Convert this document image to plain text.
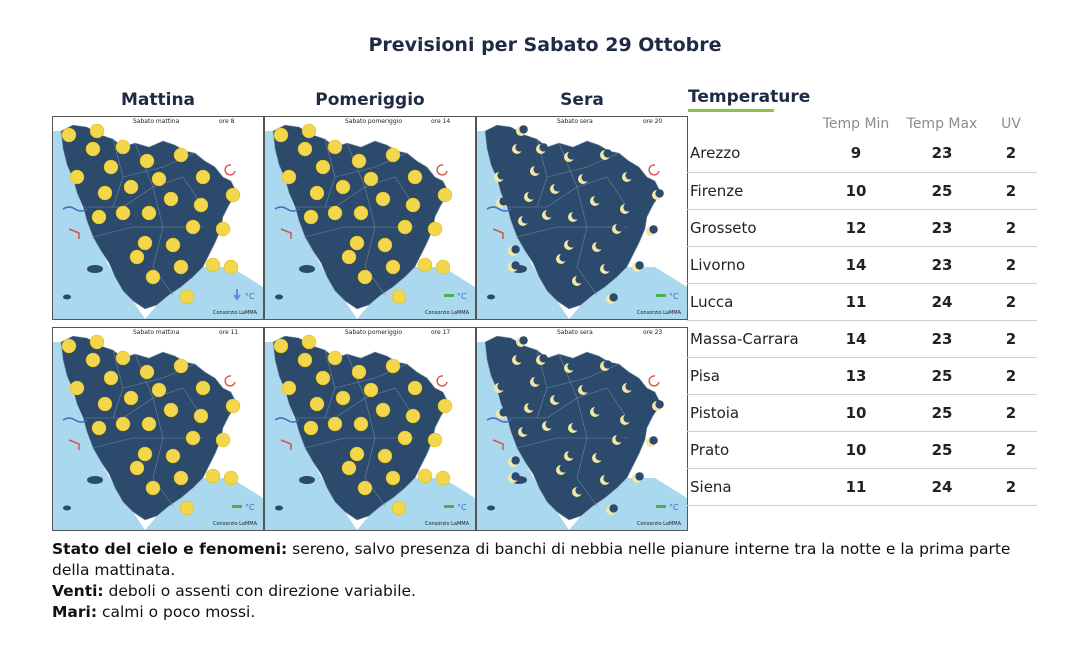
Previsioni per Sabato 29 Ottobre
Mattina	Pomeriggio	Sera
°C
Sabato mattina	ore 8
Consorzio LaMMA
°C
Sabato pomeriggio	ore 14
Consorzio LaMMA
°C
Sabato sera	ore 20
Consorzio LaMMA
°C
Sabato mattina	ore 11
Consorzio LaMMA
°C
Sabato pomeriggio	ore 17
Consorzio LaMMA
°C
Sabato sera	ore 23
Consorzio LaMMA
Temperature
	Temp Min	Temp Max	UV
Arezzo	9	23	2
Firenze	10	25	2
Grosseto	12	23	2
Livorno	14	23	2
Lucca	11	24	2
Massa-Carrara	14	23	2
Pisa	13	25	2
Pistoia	10	25	2
Prato	10	25	2
Siena	11	24	2
Stato del cielo e fenomeni: sereno, salvo presenza di banchi di nebbia nelle pianure interne tra la notte e la prima parte della mattinata.
Venti: deboli o assenti con direzione variabile.
Mari: calmi o poco mossi.
